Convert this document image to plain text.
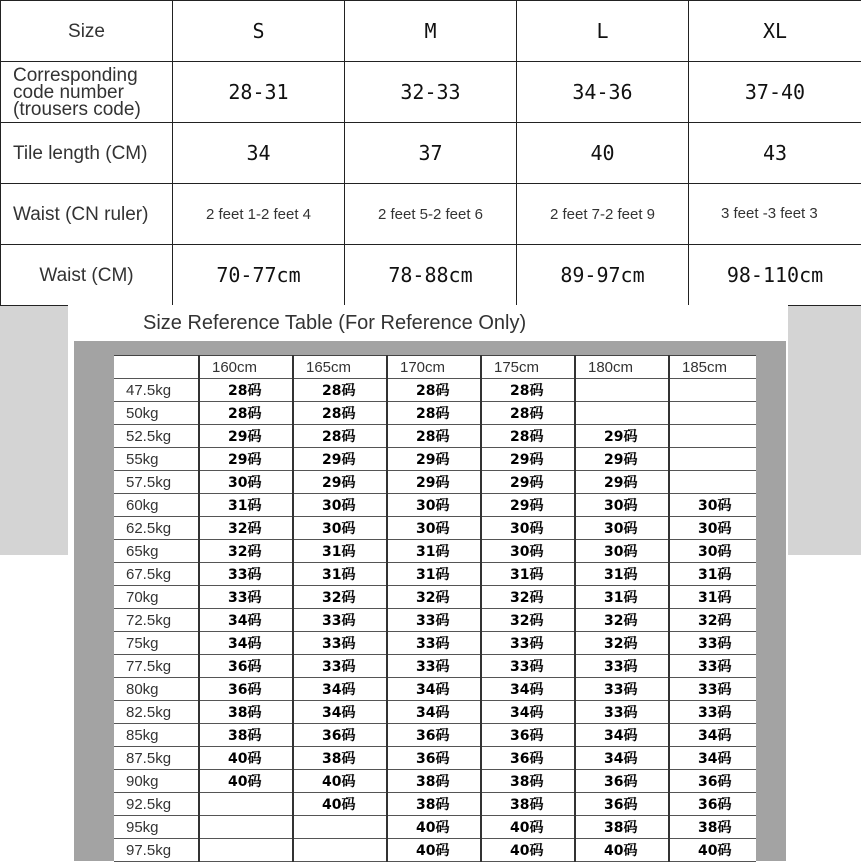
Size	S	M	L	XL
Corresponding
code number
(trousers code)	28-31	32-33	34-36	37-40
Tile length (CM)	34	37	40	43
Waist (CN ruler)	2 feet 1-2 feet 4	2 feet 5-2 feet 6	2 feet 7-2 feet 9	3 feet -3 feet 3
Waist (CM)	70-77cm	78-88cm	89-97cm	98-110cm
Size Reference Table (For Reference Only)
	160cm	165cm	170cm	175cm	180cm	185cm
47.5kg	28码	28码	28码	28码		
50kg	28码	28码	28码	28码		
52.5kg	29码	28码	28码	28码	29码	
55kg	29码	29码	29码	29码	29码	
57.5kg	30码	29码	29码	29码	29码	
60kg	31码	30码	30码	29码	30码	30码
62.5kg	32码	30码	30码	30码	30码	30码
65kg	32码	31码	31码	30码	30码	30码
67.5kg	33码	31码	31码	31码	31码	31码
70kg	33码	32码	32码	32码	31码	31码
72.5kg	34码	33码	33码	32码	32码	32码
75kg	34码	33码	33码	33码	32码	33码
77.5kg	36码	33码	33码	33码	33码	33码
80kg	36码	34码	34码	34码	33码	33码
82.5kg	38码	34码	34码	34码	33码	33码
85kg	38码	36码	36码	36码	34码	34码
87.5kg	40码	38码	36码	36码	34码	34码
90kg	40码	40码	38码	38码	36码	36码
92.5kg		40码	38码	38码	36码	36码
95kg			40码	40码	38码	38码
97.5kg			40码	40码	40码	40码
